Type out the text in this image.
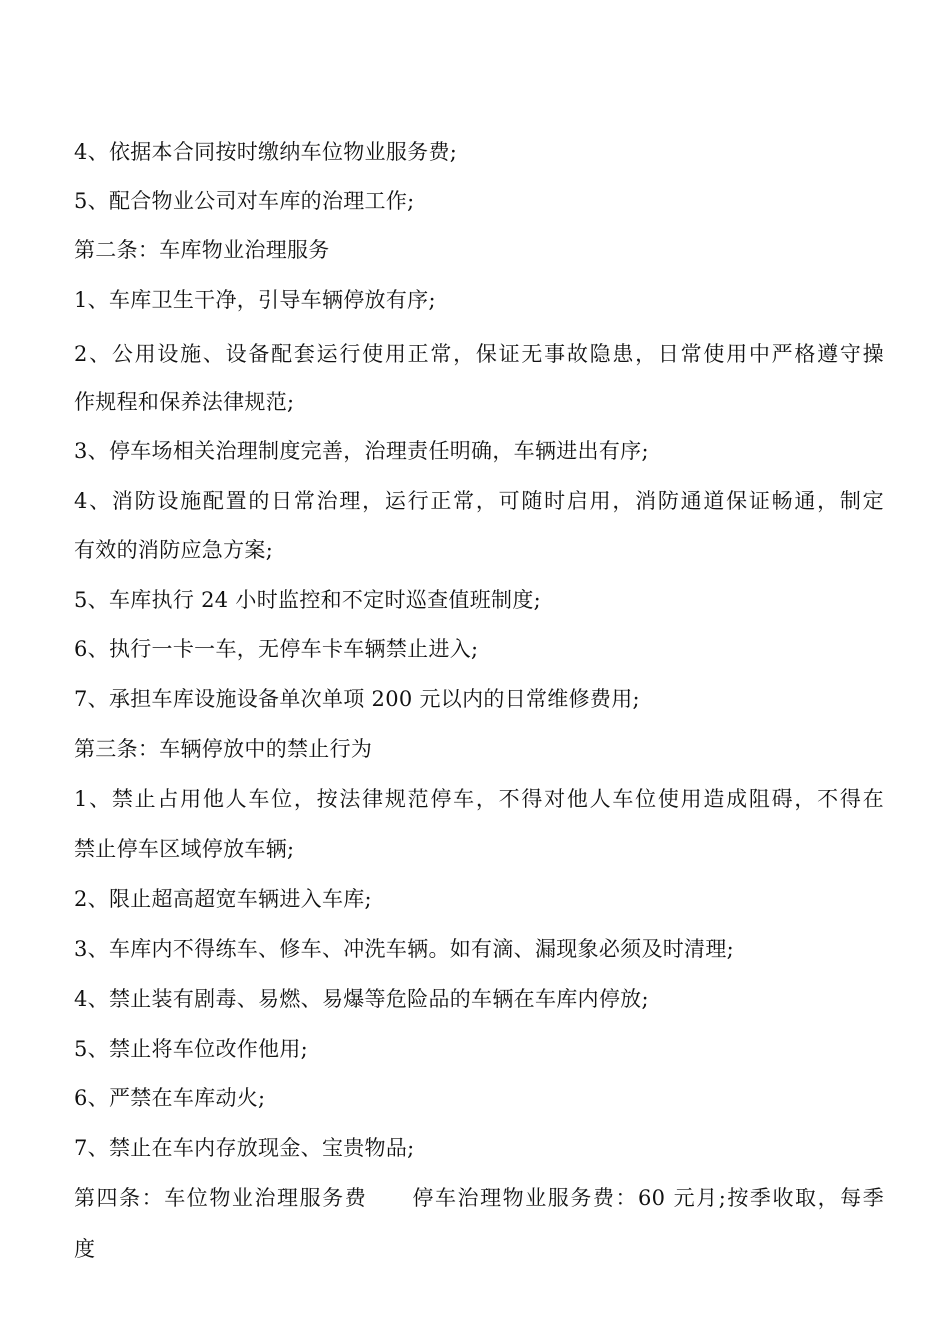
4、依据本合同按时缴纳车位物业服务费;
5、配合物业公司对车库的治理工作;
第二条：车库物业治理服务
1、车库卫生干净，引导车辆停放有序;
2、公用设施、设备配套运行使用正常，保证无事故隐患，日常使用中严格遵守操
作规程和保养法律规范;
3、停车场相关治理制度完善，治理责任明确，车辆进出有序;
4、消防设施配置的日常治理，运行正常，可随时启用，消防通道保证畅通，制定
有效的消防应急方案;
5、车库执行 24 小时监控和不定时巡查值班制度;
6、执行一卡一车，无停车卡车辆禁止进入;
7、承担车库设施设备单次单项 200 元以内的日常维修费用;
第三条：车辆停放中的禁止行为
1、禁止占用他人车位，按法律规范停车，不得对他人车位使用造成阻碍，不得在
禁止停车区域停放车辆;
2、限止超高超宽车辆进入车库;
3、车库内不得练车、修车、冲洗车辆。如有滴、漏现象必须及时清理;
4、禁止装有剧毒、易燃、易爆等危险品的车辆在车库内停放;
5、禁止将车位改作他用;
6、严禁在车库动火;
7、禁止在车内存放现金、宝贵物品;
第四条：车位物业治理服务费　　停车治理物业服务费：60 元月;按季收取，每季
度
